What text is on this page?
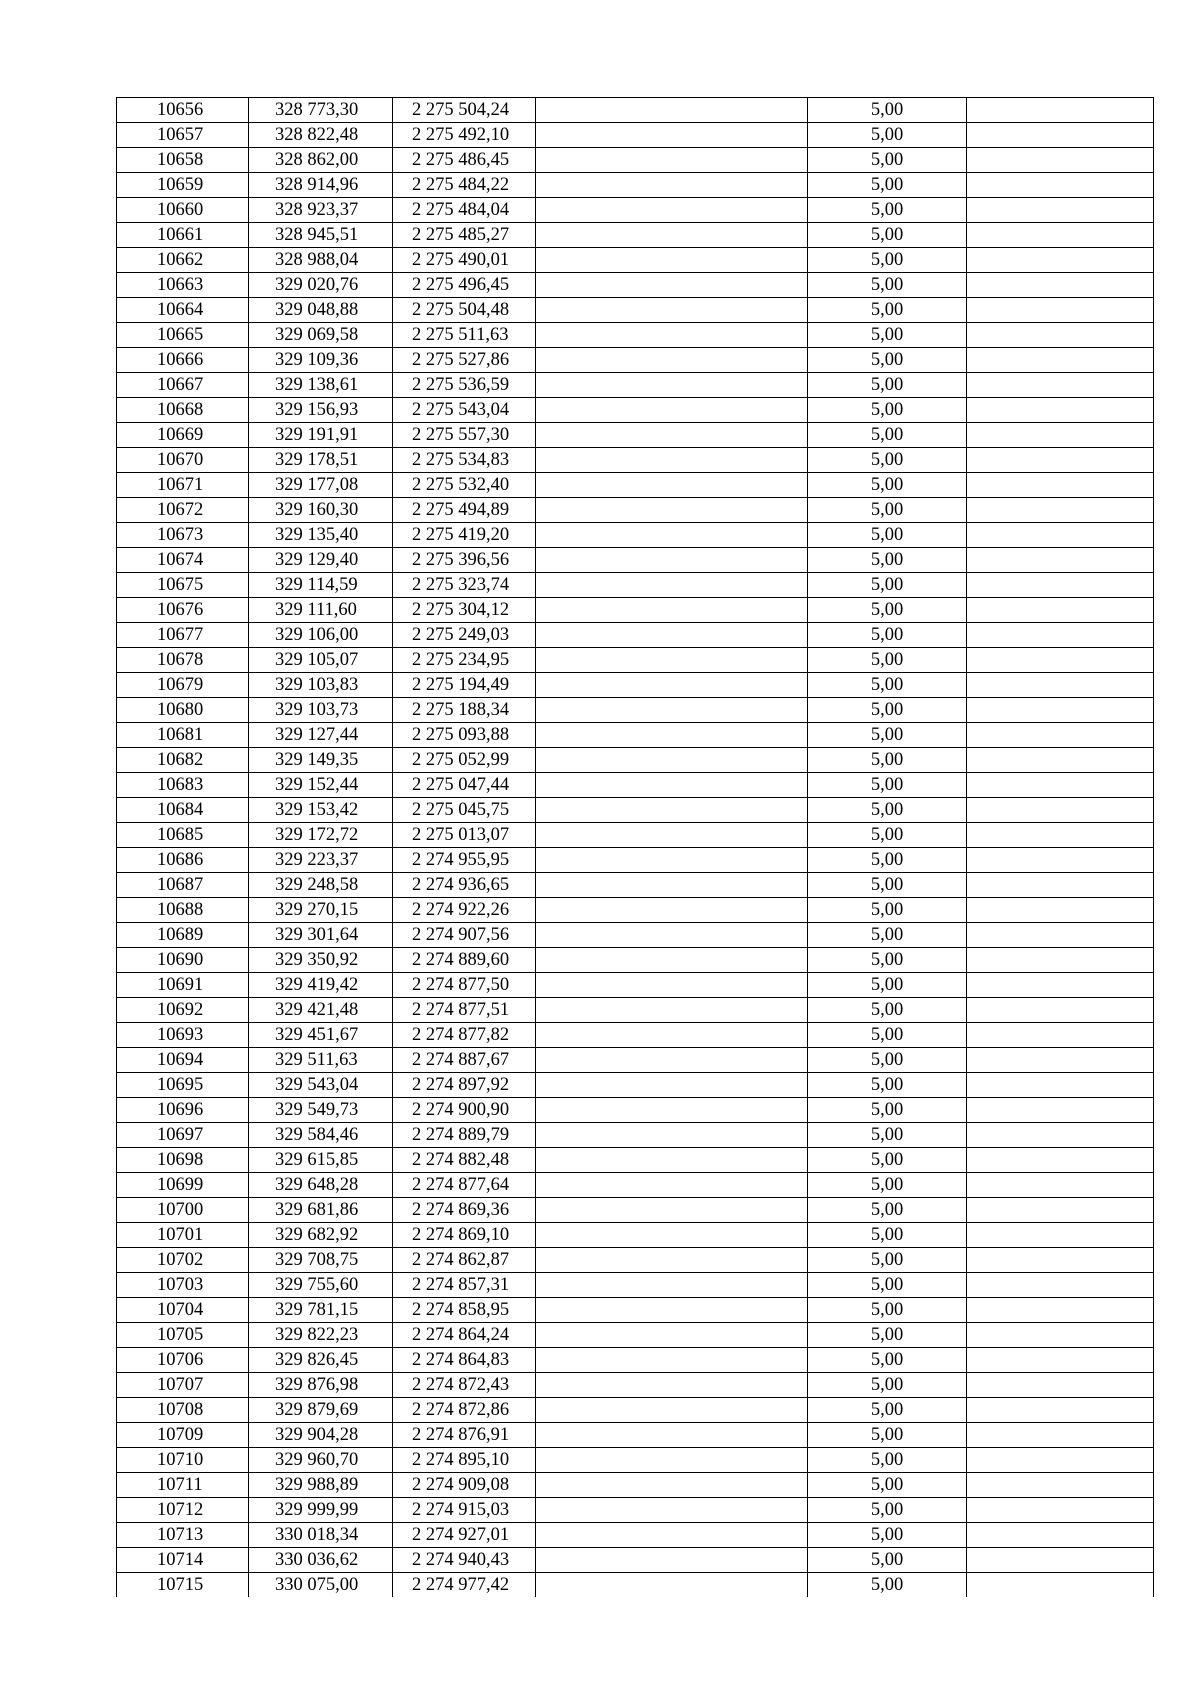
10656	328 773,30	2 275 504,24		5,00	
10657	328 822,48	2 275 492,10		5,00	
10658	328 862,00	2 275 486,45		5,00	
10659	328 914,96	2 275 484,22		5,00	
10660	328 923,37	2 275 484,04		5,00	
10661	328 945,51	2 275 485,27		5,00	
10662	328 988,04	2 275 490,01		5,00	
10663	329 020,76	2 275 496,45		5,00	
10664	329 048,88	2 275 504,48		5,00	
10665	329 069,58	2 275 511,63		5,00	
10666	329 109,36	2 275 527,86		5,00	
10667	329 138,61	2 275 536,59		5,00	
10668	329 156,93	2 275 543,04		5,00	
10669	329 191,91	2 275 557,30		5,00	
10670	329 178,51	2 275 534,83		5,00	
10671	329 177,08	2 275 532,40		5,00	
10672	329 160,30	2 275 494,89		5,00	
10673	329 135,40	2 275 419,20		5,00	
10674	329 129,40	2 275 396,56		5,00	
10675	329 114,59	2 275 323,74		5,00	
10676	329 111,60	2 275 304,12		5,00	
10677	329 106,00	2 275 249,03		5,00	
10678	329 105,07	2 275 234,95		5,00	
10679	329 103,83	2 275 194,49		5,00	
10680	329 103,73	2 275 188,34		5,00	
10681	329 127,44	2 275 093,88		5,00	
10682	329 149,35	2 275 052,99		5,00	
10683	329 152,44	2 275 047,44		5,00	
10684	329 153,42	2 275 045,75		5,00	
10685	329 172,72	2 275 013,07		5,00	
10686	329 223,37	2 274 955,95		5,00	
10687	329 248,58	2 274 936,65		5,00	
10688	329 270,15	2 274 922,26		5,00	
10689	329 301,64	2 274 907,56		5,00	
10690	329 350,92	2 274 889,60		5,00	
10691	329 419,42	2 274 877,50		5,00	
10692	329 421,48	2 274 877,51		5,00	
10693	329 451,67	2 274 877,82		5,00	
10694	329 511,63	2 274 887,67		5,00	
10695	329 543,04	2 274 897,92		5,00	
10696	329 549,73	2 274 900,90		5,00	
10697	329 584,46	2 274 889,79		5,00	
10698	329 615,85	2 274 882,48		5,00	
10699	329 648,28	2 274 877,64		5,00	
10700	329 681,86	2 274 869,36		5,00	
10701	329 682,92	2 274 869,10		5,00	
10702	329 708,75	2 274 862,87		5,00	
10703	329 755,60	2 274 857,31		5,00	
10704	329 781,15	2 274 858,95		5,00	
10705	329 822,23	2 274 864,24		5,00	
10706	329 826,45	2 274 864,83		5,00	
10707	329 876,98	2 274 872,43		5,00	
10708	329 879,69	2 274 872,86		5,00	
10709	329 904,28	2 274 876,91		5,00	
10710	329 960,70	2 274 895,10		5,00	
10711	329 988,89	2 274 909,08		5,00	
10712	329 999,99	2 274 915,03		5,00	
10713	330 018,34	2 274 927,01		5,00	
10714	330 036,62	2 274 940,43		5,00	
10715	330 075,00	2 274 977,42		5,00	
